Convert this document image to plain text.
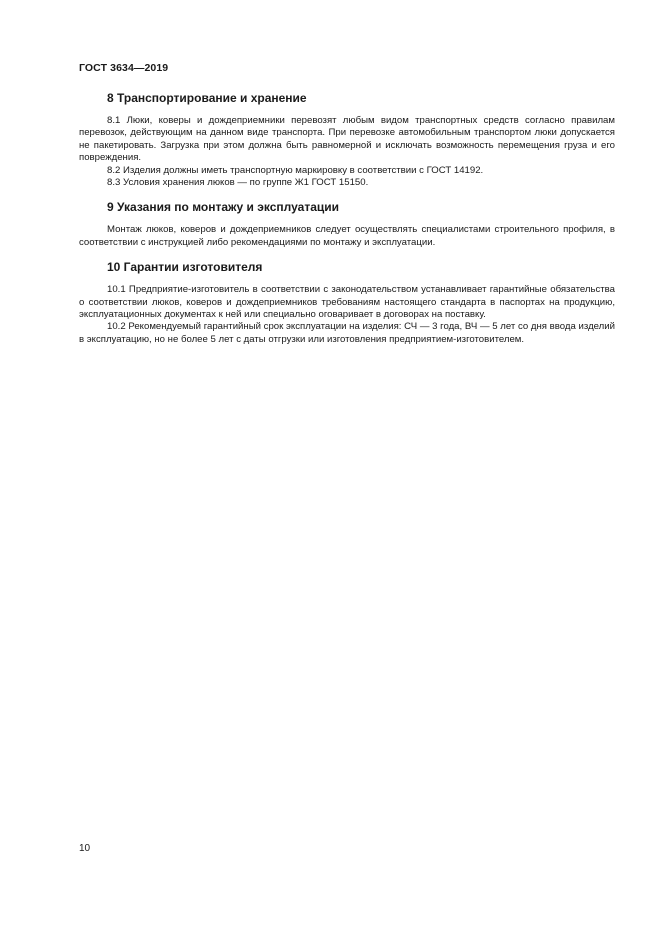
ГОСТ 3634—2019
8 Транспортирование и хранение

8.1 Люки, коверы и дождеприемники перевозят любым видом транспортных средств согласно правилам перевозок, действующим на данном виде транспорта. При перевозке автомобильным транспортом люки допускается не пакетировать. Загрузка при этом должна быть равномерной и исключать возможность перемещения груза и его повреждения.

8.2 Изделия должны иметь транспортную маркировку в соответствии с ГОСТ 14192.

8.3 Условия хранения люков — по группе Ж1 ГОСТ 15150.

9 Указания по монтажу и эксплуатации

Монтаж люков, коверов и дождеприемников следует осуществлять специалистами строительного профиля, в соответствии с инструкцией либо рекомендациями по монтажу и эксплуатации.

10 Гарантии изготовителя

10.1 Предприятие-изготовитель в соответствии с законодательством устанавливает гарантийные обязательства о соответствии люков, коверов и дождеприемников требованиям настоящего стандарта в паспортах на продукцию, эксплуатационных документах к ней или специально оговаривает в договорах на поставку.

10.2 Рекомендуемый гарантийный срок эксплуатации на изделия: СЧ — 3 года, ВЧ — 5 лет со дня ввода изделий в эксплуатацию, но не более 5 лет с даты отгрузки или изготовления предприятием-изготовителем.

10
